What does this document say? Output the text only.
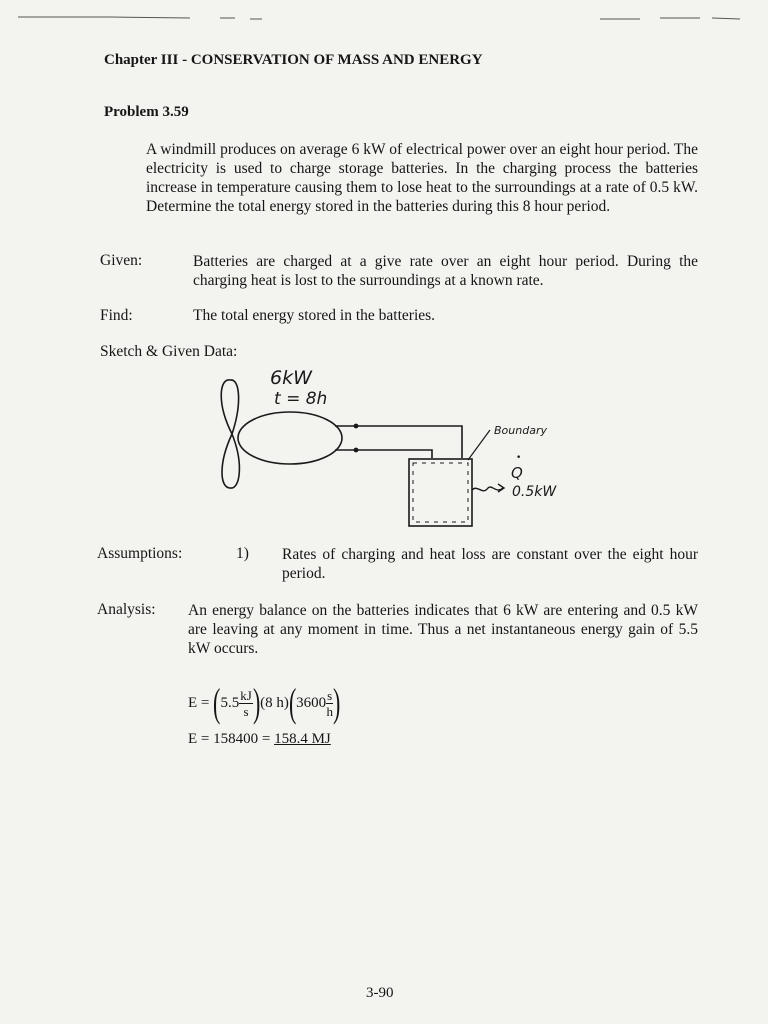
Chapter III - CONSERVATION OF MASS AND ENERGY
Problem 3.59

A windmill produces on average 6 kW of electrical power over an eight hour period. The electricity is used to charge storage batteries. In the charging process the batteries increase in temperature causing them to lose heat to the surroundings at a rate of 0.5 kW. Determine the total energy stored in the batteries during this 8 hour period.

Given:	Batteries are charged at a give rate over an eight hour period. During the charging heat is lost to the surroundings at a known rate.

Find:	The total energy stored in the batteries.
Sketch & Given Data:
6kW
t = 8h
Boundary
•
Q
0.5kW
Assumptions:	1) Rates of charging and heat loss are constant over the eight hour period.

Analysis: An energy balance on the batteries indicates that 6 kW are entering and 0.5 kW are leaving at any moment in time. Thus a net instantaneous energy gain of 5.5 kW occurs.

E =
( $5.5 \frac{kJ}{s}$ ) (8 h) ( $3600 \frac{s}{h}$ )
E = 158400 = 158.4 MJ
3-90
